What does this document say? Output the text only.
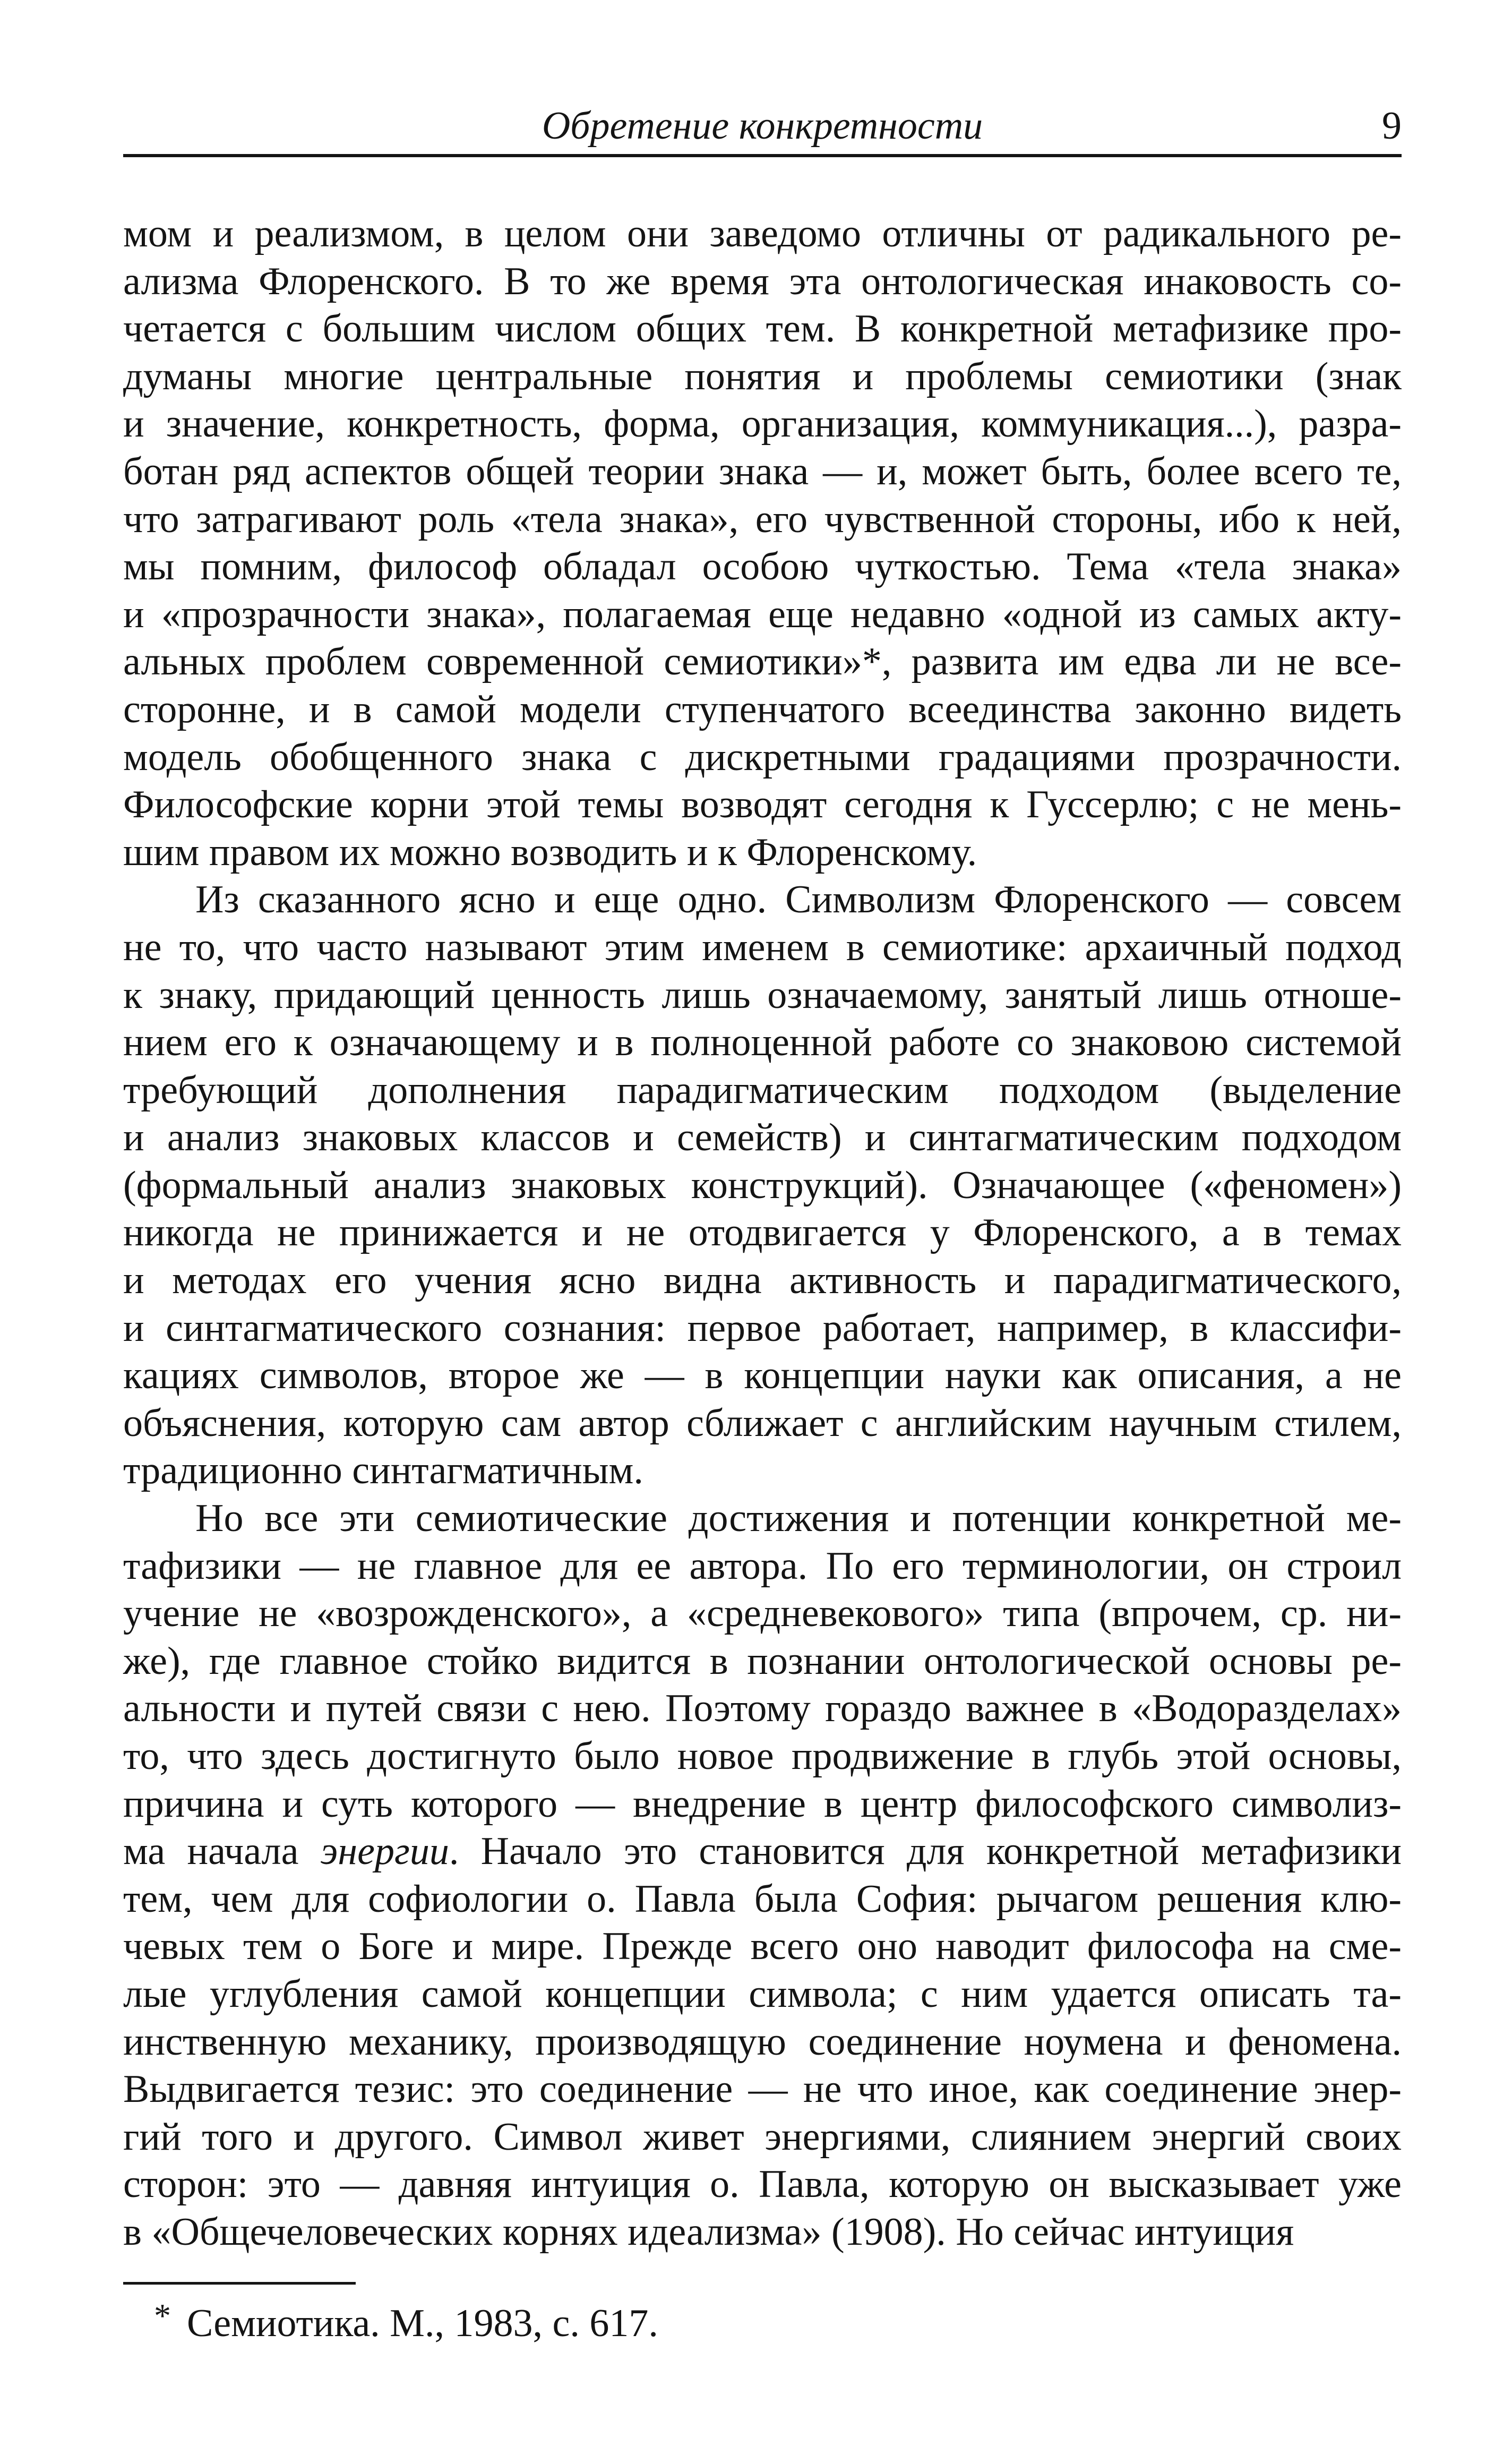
Обретение конкретности	9
мом и реализмом, в целом они заведомо отличны от радикального ре-
ализма Флоренского. В то же время эта онтологическая инаковость со-
четается с большим числом общих тем. В конкретной метафизике про-
думаны многие центральные понятия и проблемы семиотики (знак
и значение, конкретность, форма, организация, коммуникация...), разра-
ботан ряд аспектов общей теории знака — и, может быть, более всего те,
что затрагивают роль «тела знака», его чувственной стороны, ибо к ней,
мы помним, философ обладал особою чуткостью. Тема «тела знака»
и «прозрачности знака», полагаемая еще недавно «одной из самых акту-
альных проблем современной семиотики»*, развита им едва ли не все-
сторонне, и в самой модели ступенчатого всеединства законно видеть
модель обобщенного знака с дискретными градациями прозрачности.
Философские корни этой темы возводят сегодня к Гуссерлю; с не мень-
шим правом их можно возводить и к Флоренскому.
Из сказанного ясно и еще одно. Символизм Флоренского — совсем
не то, что часто называют этим именем в семиотике: архаичный подход
к знаку, придающий ценность лишь означаемому, занятый лишь отноше-
нием его к означающему и в полноценной работе со знаковою системой
требующий дополнения парадигматическим подходом (выделение
и анализ знаковых классов и семейств) и синтагматическим подходом
(формальный анализ знаковых конструкций). Означающее («феномен»)
никогда не принижается и не отодвигается у Флоренского, а в темах
и методах его учения ясно видна активность и парадигматического,
и синтагматического сознания: первое работает, например, в классифи-
кациях символов, второе же — в концепции науки как описания, а не
объяснения, которую сам автор сближает с английским научным стилем,
традиционно синтагматичным.
Но все эти семиотические достижения и потенции конкретной ме-
тафизики — не главное для ее автора. По его терминологии, он строил
учение не «возрожденского», а «средневекового» типа (впрочем, ср. ни-
же), где главное стойко видится в познании онтологической основы ре-
альности и путей связи с нею. Поэтому гораздо важнее в «Водоразделах»
то, что здесь достигнуто было новое продвижение в глубь этой основы,
причина и суть которого — внедрение в центр философского символиз-
ма начала энергии. Начало это становится для конкретной метафизики
тем, чем для софиологии о. Павла была София: рычагом решения клю-
чевых тем о Боге и мире. Прежде всего оно наводит философа на сме-
лые углубления самой концепции символа; с ним удается описать та-
инственную механику, производящую соединение ноумена и феномена.
Выдвигается тезис: это соединение — не что иное, как соединение энер-
гий того и другого. Символ живет энергиями, слиянием энергий своих
сторон: это — давняя интуиция о. Павла, которую он высказывает уже
в «Общечеловеческих корнях идеализма» (1908). Но сейчас интуиция
* Семиотика. М., 1983, с. 617.
